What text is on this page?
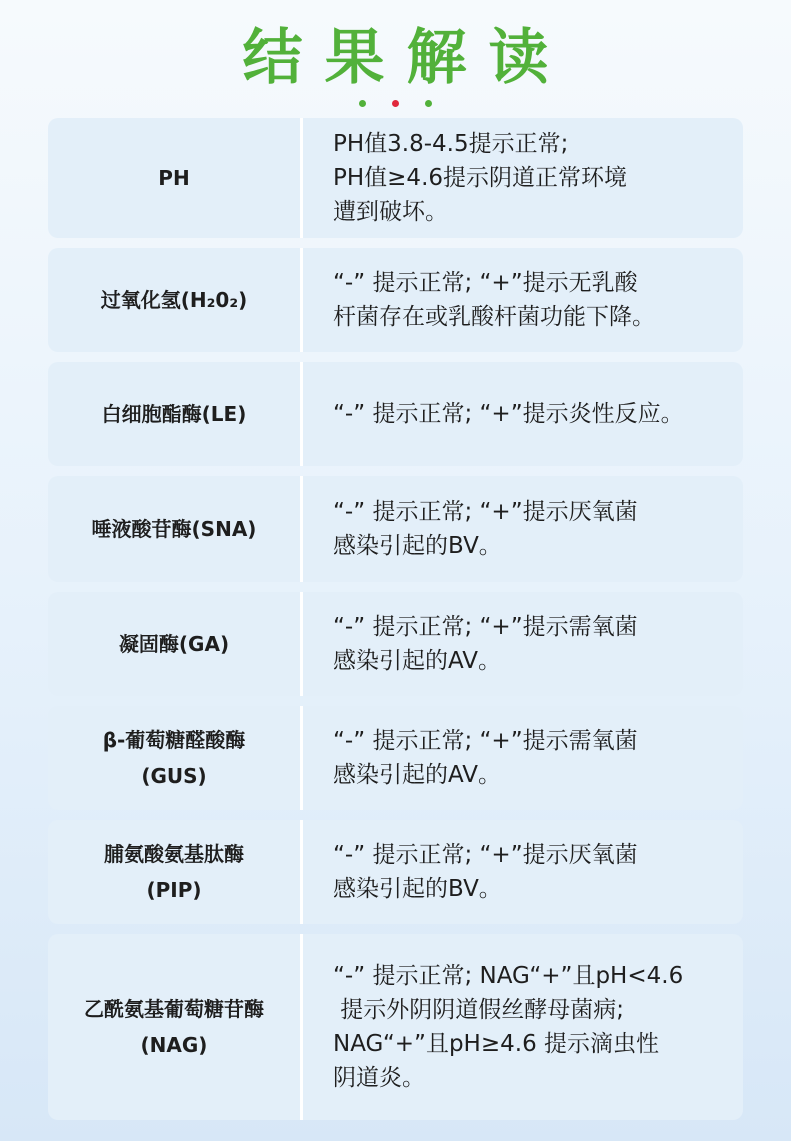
结果解读

PH
PH值3.8-4.5提示正常;
PH值≥4.6提示阴道正常环境
遭到破坏。
过氧化氢(H₂0₂)
“-” 提示正常; “+”提示无乳酸
杆菌存在或乳酸杆菌功能下降。
白细胞酯酶(LE)	“-” 提示正常; “+”提示炎性反应。
唾液酸苷酶(SNA)
“-” 提示正常; “+”提示厌氧菌
感染引起的BV。
凝固酶(GA)
“-” 提示正常; “+”提示需氧菌
感染引起的AV。
β-葡萄糖醛酸酶
(GUS)
“-” 提示正常; “+”提示需氧菌
感染引起的AV。
脯氨酸氨基肽酶
(PIP)
“-” 提示正常; “+”提示厌氧菌
感染引起的BV。
乙酰氨基葡萄糖苷酶
(NAG)
“-” 提示正常; NAG“+”且pH<4.6
提示外阴阴道假丝酵母菌病;
NAG“+”且pH≥4.6 提示滴虫性
阴道炎。
